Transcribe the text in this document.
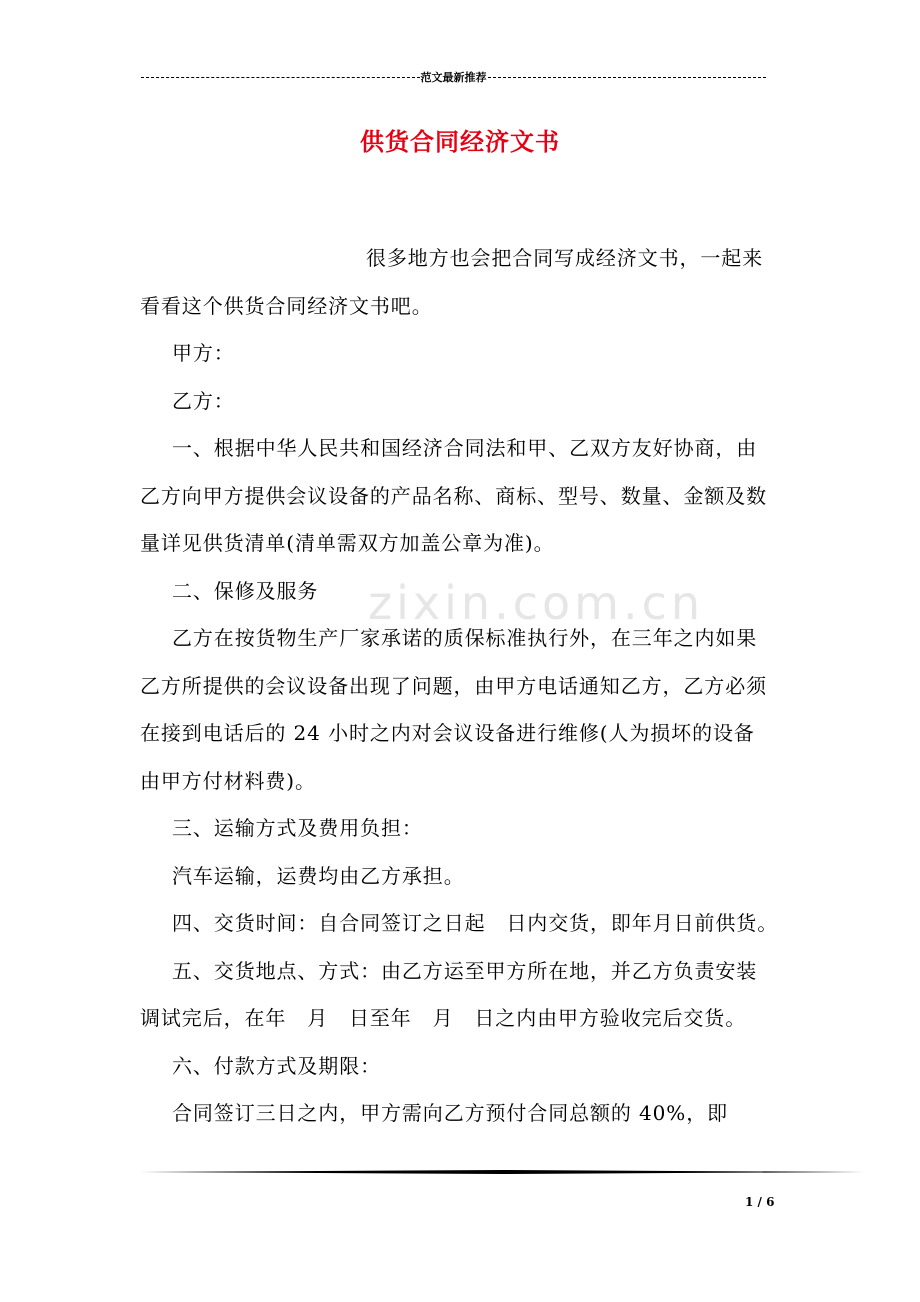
范文最新推荐
供货合同经济文书
zixin.com.cn
很多地方也会把合同写成经济文书，一起来
看看这个供货合同经济文书吧。
甲方：
乙方：
一、根据中华人民共和国经济合同法和甲、乙双方友好协商，由
乙方向甲方提供会议设备的产品名称、商标、型号、数量、金额及数
量详见供货清单(清单需双方加盖公章为准)。
二、保修及服务
乙方在按货物生产厂家承诺的质保标准执行外，在三年之内如果
乙方所提供的会议设备出现了问题，由甲方电话通知乙方，乙方必须
在接到电话后的 24 小时之内对会议设备进行维修(人为损坏的设备
由甲方付材料费)。
三、运输方式及费用负担：
汽车运输，运费均由乙方承担。
四、交货时间：自合同签订之日起　日内交货，即年月日前供货。
五、交货地点、方式：由乙方运至甲方所在地，并乙方负责安装
调试完后，在年　月　日至年　月　日之内由甲方验收完后交货。
六、付款方式及期限：
合同签订三日之内，甲方需向乙方预付合同总额的 40%，即
1 / 6
